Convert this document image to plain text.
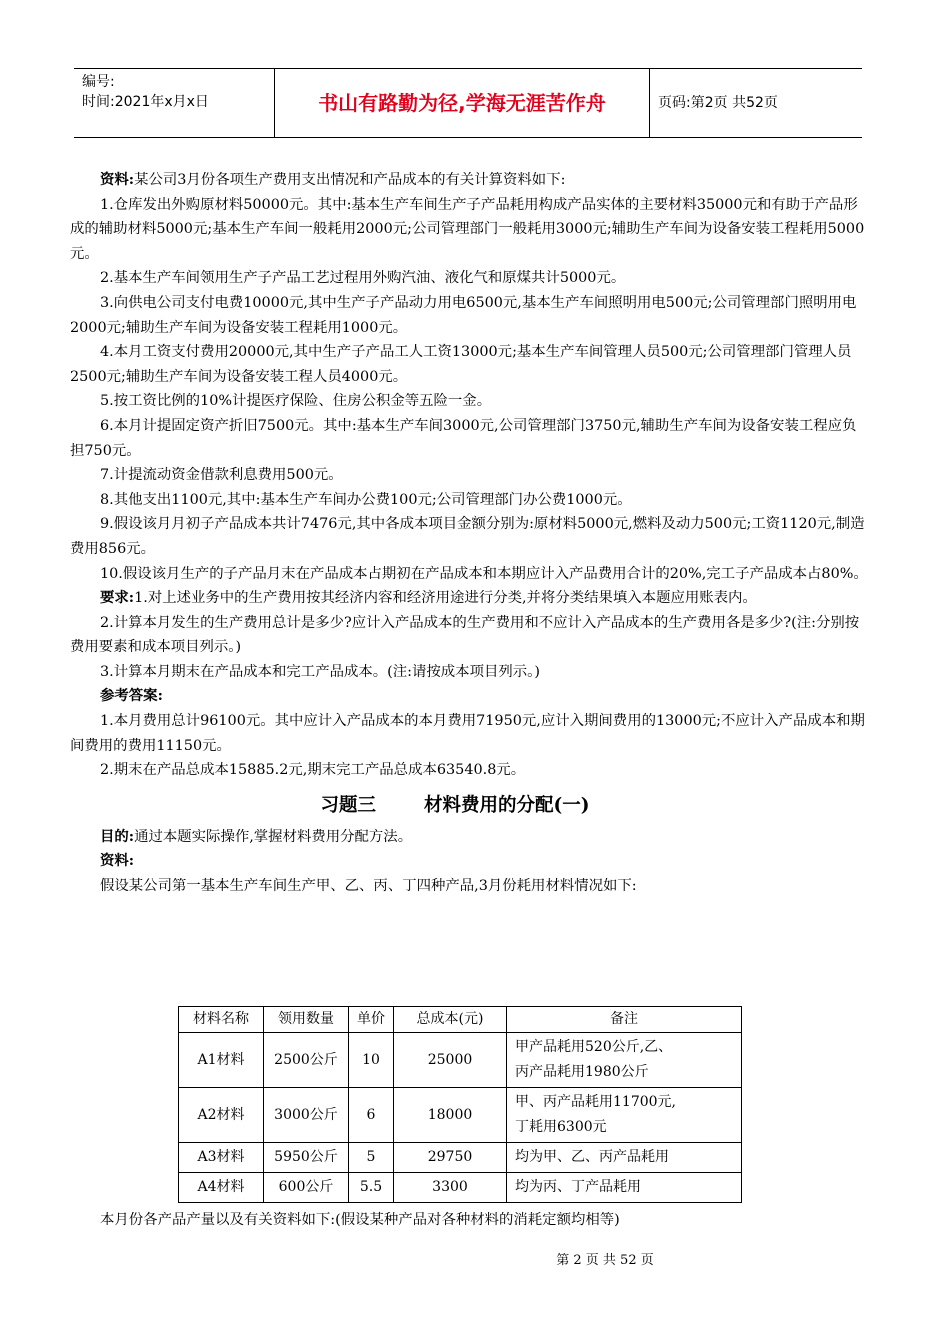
编号:
时间:2021年x月x日	书山有路勤为径,学海无涯苦作舟	页码:第2页 共52页

资料:某公司3月份各项生产费用支出情况和产品成本的有关计算资料如下:

1.仓库发出外购原材料50000元。其中:基本生产车间生产子产品耗用构成产品实体的主要材料35000元和有助于产品形成的辅助材料5000元;基本生产车间一般耗用2000元;公司管理部门一般耗用3000元;辅助生产车间为设备安装工程耗用5000元。

2.基本生产车间领用生产子产品工艺过程用外购汽油、液化气和原煤共计5000元。

3.向供电公司支付电费10000元,其中生产子产品动力用电6500元,基本生产车间照明用电500元;公司管理部门照明用电2000元;辅助生产车间为设备安装工程耗用1000元。

4.本月工资支付费用20000元,其中生产子产品工人工资13000元;基本生产车间管理人员500元;公司管理部门管理人员2500元;辅助生产车间为设备安装工程人员4000元。

5.按工资比例的10%计提医疗保险、住房公积金等五险一金。

6.本月计提固定资产折旧7500元。其中:基本生产车间3000元,公司管理部门3750元,辅助生产车间为设备安装工程应负担750元。

7.计提流动资金借款利息费用500元。

8.其他支出1100元,其中:基本生产车间办公费100元;公司管理部门办公费1000元。

9.假设该月月初子产品成本共计7476元,其中各成本项目金额分别为:原材料5000元,燃料及动力500元;工资1120元,制造费用856元。

10.假设该月生产的子产品月末在产品成本占期初在产品成本和本期应计入产品费用合计的20%,完工子产品成本占80%。

要求:1.对上述业务中的生产费用按其经济内容和经济用途进行分类,并将分类结果填入本题应用账表内。

2.计算本月发生的生产费用总计是多少?应计入产品成本的生产费用和不应计入产品成本的生产费用各是多少?(注:分别按费用要素和成本项目列示。)

3.计算本月期末在产品成本和完工产品成本。(注:请按成本项目列示。)

参考答案:

1.本月费用总计96100元。其中应计入产品成本的本月费用71950元,应计入期间费用的13000元;不应计入产品成本和期间费用的费用11150元。

2.期末在产品总成本15885.2元,期末完工产品总成本63540.8元。

习题三	材料费用的分配(一)

目的:通过本题实际操作,掌握材料费用分配方法。

资料:

假设某公司第一基本生产车间生产甲、乙、丙、丁四种产品,3月份耗用材料情况如下:

材料名称	领用数量	单价	总成本(元)	备注
A1材料	2500公斤	10	25000	甲产品耗用520公斤,乙、
丙产品耗用1980公斤

A2材料	3000公斤	6	18000	甲、丙产品耗用11700元,
丁耗用6300元

A3材料	5950公斤	5	29750	均为甲、乙、丙产品耗用
A4材料	600公斤	5.5	3300	均为丙、丁产品耗用
本月份各产品产量以及有关资料如下:(假设某种产品对各种材料的消耗定额均相等)
第 2 页 共 52 页
